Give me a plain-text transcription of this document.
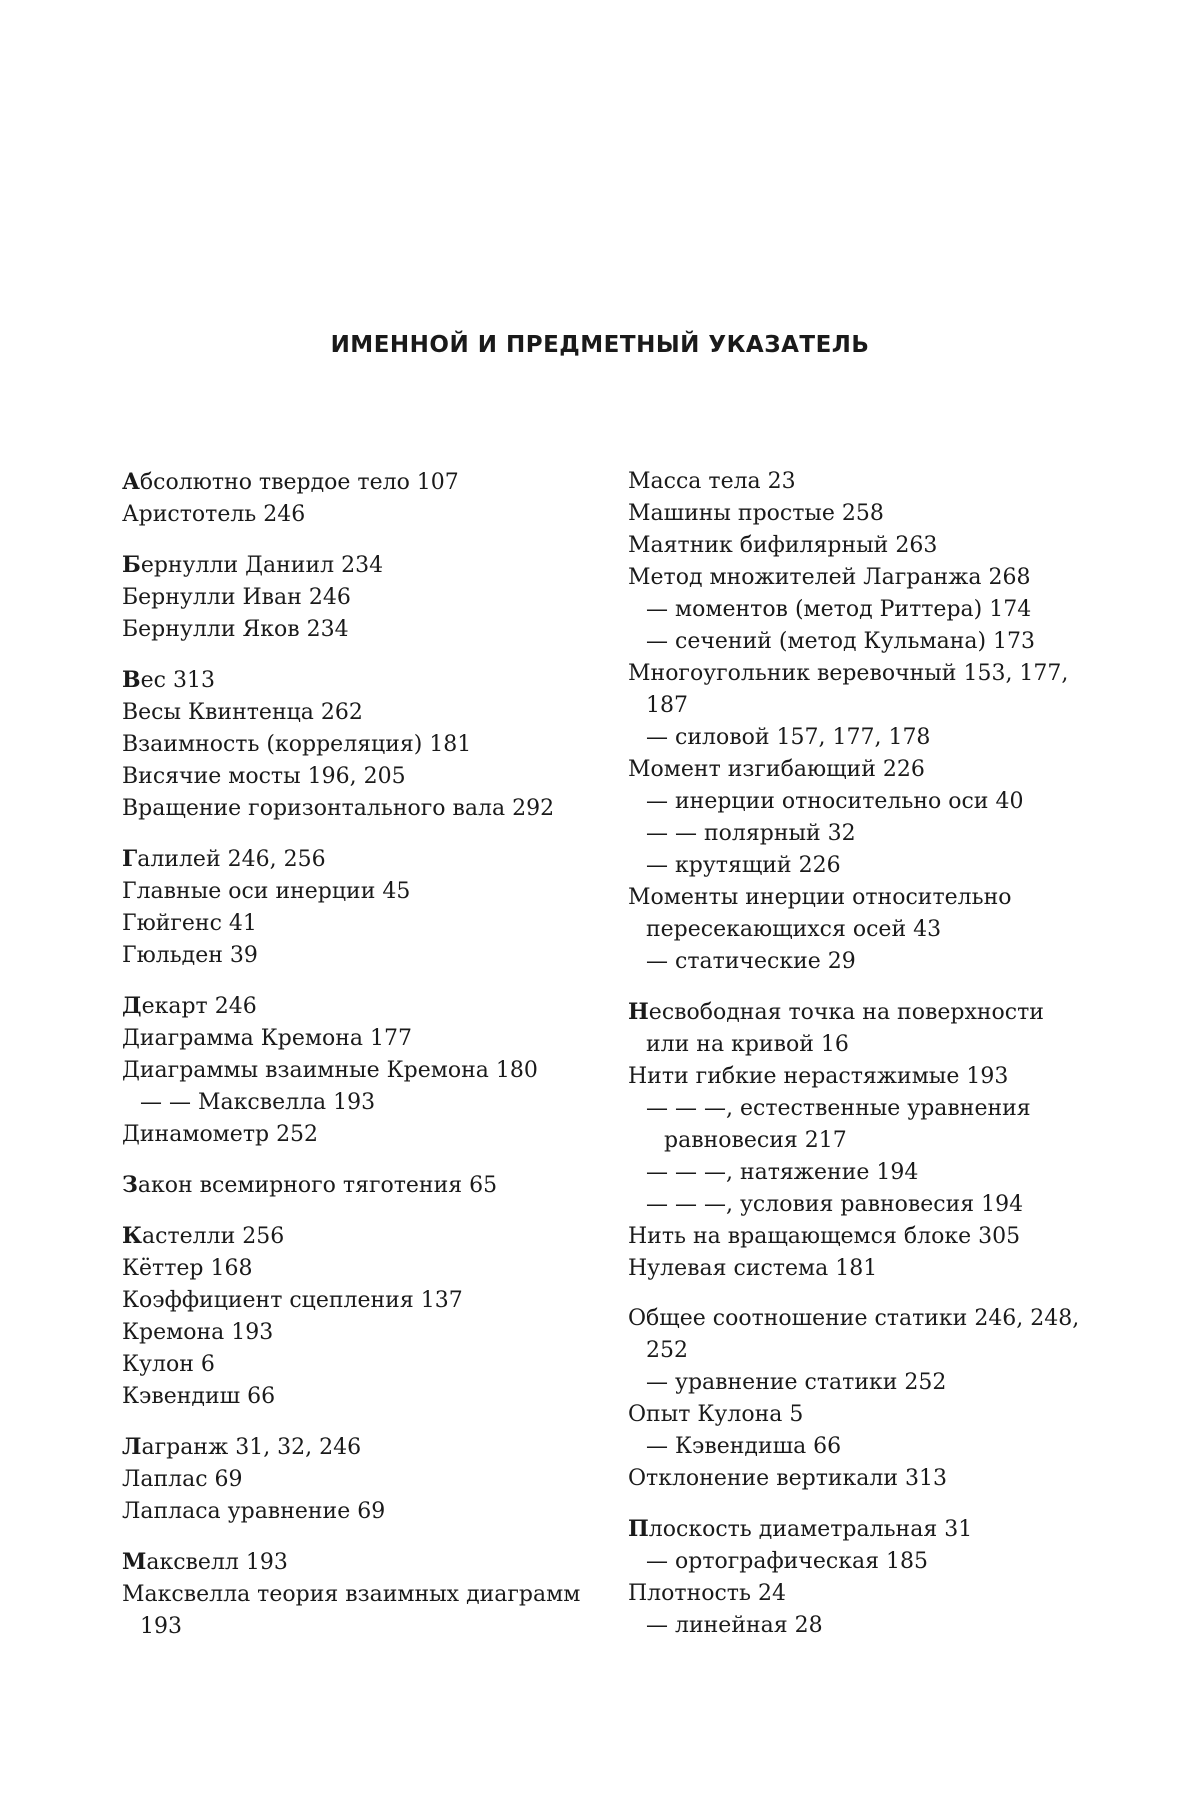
ИМЕННОЙ И ПРЕДМЕТНЫЙ УКАЗАТЕЛЬ
Абсолютно твердое тело 107
Аристотель 246
Бернулли Даниил 234
Бернулли Иван 246
Бернулли Яков 234
Вес 313
Весы Квинтенца 262
Взаимность (корреляция) 181
Висячие мосты 196, 205
Вращение горизонтального вала 292
Галилей 246, 256
Главные оси инерции 45
Гюйгенс 41
Гюльден 39
Декарт 246
Диаграмма Кремона 177
Диаграммы взаимные Кремона 180
— — Максвелла 193
Динамометр 252
Закон всемирного тяготения 65
Кастелли 256
Кёттер 168
Коэффициент сцепления 137
Кремона 193
Кулон 6
Кэвендиш 66
Лагранж 31, 32, 246
Лаплас 69
Лапласа уравнение 69
Максвелл 193
Максвелла теория взаимных диаграмм 193
Масса тела 23
Машины простые 258
Маятник бифилярный 263
Метод множителей Лагранжа 268
— моментов (метод Риттера) 174
— сечений (метод Кульмана) 173
Многоугольник веревочный 153, 177, 187
— силовой 157, 177, 178
Момент изгибающий 226
— инерции относительно оси 40
— — полярный 32
— крутящий 226
Моменты инерции относительно пересекающихся осей 43
— статические 29
Несвободная точка на поверхности или на кривой 16
Нити гибкие нерастяжимые 193
— — —, естественные уравнения равновесия 217
— — —, натяжение 194
— — —, условия равновесия 194
Нить на вращающемся блоке 305
Нулевая система 181
Общее соотношение статики 246, 248, 252
— уравнение статики 252
Опыт Кулона 5
— Кэвендиша 66
Отклонение вертикали 313
Плоскость диаметральная 31
— ортографическая 185
Плотность 24
— линейная 28
